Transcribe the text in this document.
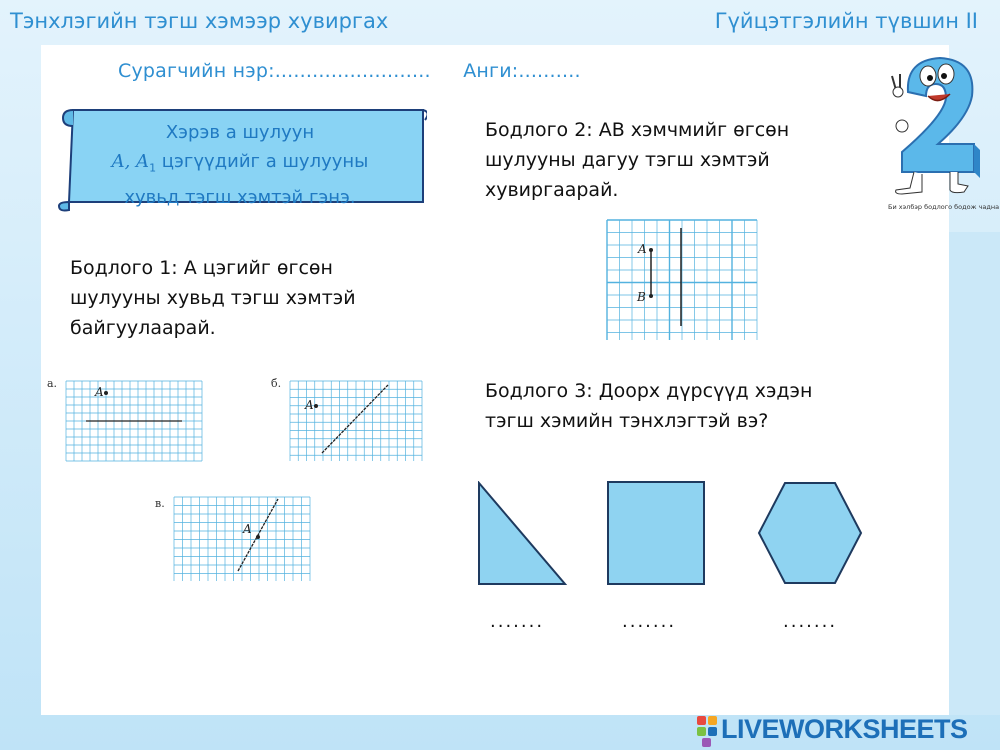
Тэнхлэгийн тэгш хэмээр хувиргах	Гүйцэтгэлийн түвшин II
Сурагчийн нэр:......................... Анги:..........
Хэрэв а шулуун
A, $A_1$ цэгүүдийг а шулууны
хувьд тэгш хэмтэй гэнэ.
Бодлого 1: А цэгийг өгсөн шулууны хувьд тэгш хэмтэй байгуулаарай.
Бодлого 2: АВ хэмчмийг өгсөн шулууны дагуу тэгш хэмтэй хувиргаарай.
Бодлого 3: Доорх дүрсүүд хэдэн тэгш хэмийн тэнхлэгтэй вэ?
а.
A
б.
A
в.
A
A
B
.......	.......	.......
Би хэлбэр бодлого бодож чадна
LIVEWORKSHEETS
